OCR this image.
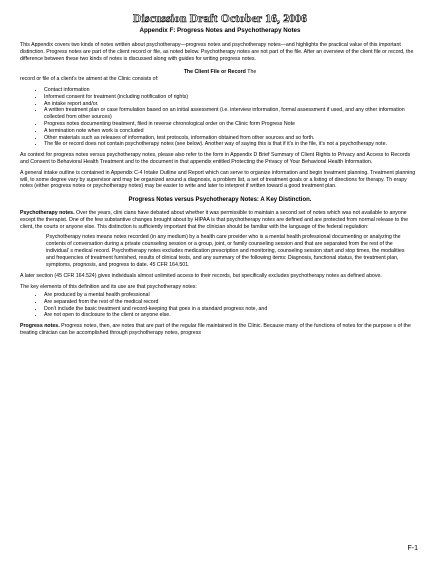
Discussion Draft October 16, 2006
Appendix F: Progress Notes and Psychotherapy Notes

This Appendix covers two kinds of notes written about psychotherapy—progress notes and psychotherapy notes—and highlights the practical value of this important distinction. Progress notes are part of the client record or file, as noted below. Psychotherapy notes are not part of the file. After an overview of the client file or record, the difference between these two kinds of notes is discussed along with guides for writing progress notes.

The Client File or Record The

record or file of a client’s tre atment at the Clinic consists of:

• Contact information
• Informed consent for treatment (including notification of rights)
• An intake report and/or.
• A written treatment plan or case formulation based on an initial assessment (i.e. interview information, formal assessment if used, and any other information collected from other sources)
• Progress notes documenting treatment, filed in reverse chronological order on the Clinic form Progress Note
• A termination note when work is concluded
• Other materials such as releases of information, test protocols, information obtained from other sources and so forth.
• The file or record does not contain psychotherapy notes (see below). Another way of saying this is that if it’s in the file, it’s not a psychotherapy note.

As context for progress notes versus psychotherapy notes, please also refer to the form in Appendix D Brief Summary of Client Rights to Privacy and Access to Records and Consent to Behavioral Health Treatment and to the document in that appendix entitled Protecting the Privacy of Your Behavioral Health Information.

A general intake outline is contained in Appendix C-4 Intake Outline and Report which can serve to organize information and begin treatment planning. Treatment planning will, to some degree vary by supervisor and may be organized around a diagnosis, a problem list, a set of treatment goals or a listing of directions for therapy. Th erapy notes (either progress notes or psychotherapy notes) may be easier to write and later to interpret if written toward a good treatment plan.

Progress Notes versus Psychotherapy Notes: A Key Distinction.

Psychotherapy notes. Over the years, clini cians have debated about whether it was permissible to maintain a second set of notes which was not available to anyone except the therapist. One of the few substantive changes brought about by HIPAA is that psychotherapy notes are defined and are protected from normal release to the client, the courts or anyone else. This distinction is sufficiently important that the clinician should be familiar with the language of the federal regulation:

Psychotherapy notes means notes recorded (in any medium) by a health care provider who is a mental health professional documenting or analyzing the contents of conversation during a private counseling session or a group, joint, or family counseling session and that are separated from the rest of the individual’ s medical record. Psychotherapy notes excludes medication prescription and monitoring, counseling session start and stop times, the modalities and frequencies of treatment furnished, results of clinical tests, and any summary of the following items: Diagnosis, functional status, the treatment plan, symptoms, prognosis, and progress to date. 45 CFR 164.501.

A later section (45 CFR 164.524) gives individuals almost unlimited access to their records, but specifically excludes psychotherapy notes as defined above.

The key elements of this definition and its use are that psychotherapy notes:

• Are produced by a mental health professional
• Are separated from the rest of the medical record
• Don’t include the basic treatment and record-keeping that goes in a standard progress note, and
• Are not open to disclosure to the client or anyone else.

Progress notes. Progress notes, then, are notes that are part of the regular file maintained in the Clinic. Because many of the functions of notes for the purpose s of the treating clinician can be accomplished through psychotherapy notes, progress

F-1
